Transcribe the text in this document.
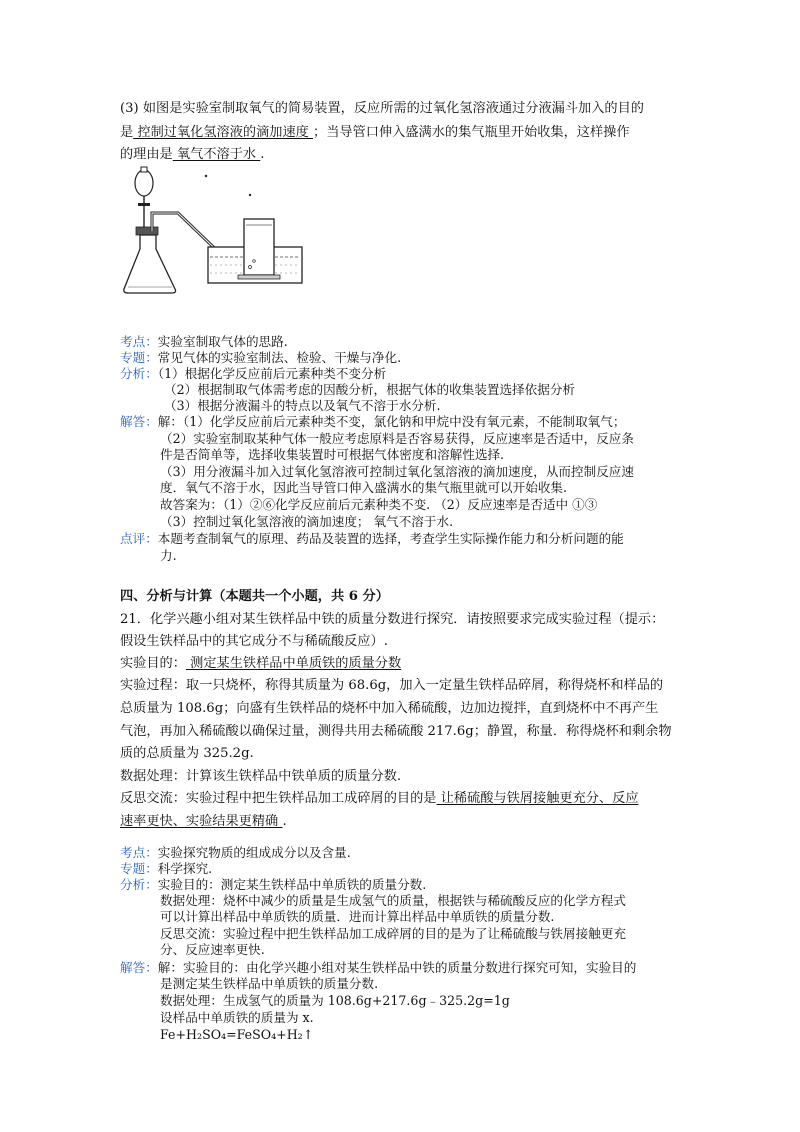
(3) 如图是实验室制取氧气的简易装置，反应所需的过氧化氢溶液通过分液漏斗加入的目的
是 控制过氧化氢溶液的滴加速度 ；当导管口伸入盛满水的集气瓶里开始收集，这样操作
的理由是 氧气不溶于水 .
考点：实验室制取气体的思路.
专题：常见气体的实验室制法、检验、干燥与净化.
分析：（1）根据化学反应前后元素种类不变分析
（2）根据制取气体需考虑的因酸分析，根据气体的收集装置选择依据分析
（3）根据分液漏斗的特点以及氧气不溶于水分析.
解答：解：（1）化学反应前后元素种类不变，氯化钠和甲烷中没有氧元素，不能制取氧气；
（2）实验室制取某种气体一般应考虑原料是否容易获得，反应速率是否适中，反应条
件是否简单等，选择收集装置时可根据气体密度和溶解性选择.
（3）用分液漏斗加入过氧化氢溶液可控制过氧化氢溶液的滴加速度，从而控制反应速
度．氧气不溶于水，因此当导管口伸入盛满水的集气瓶里就可以开始收集.
故答案为：（1）②⑥化学反应前后元素种类不变. （2）反应速率是否适中 ①③
（3）控制过氧化氢溶液的滴加速度； 氧气不溶于水.
点评：本题考查制氧气的原理、药品及装置的选择，考查学生实际操作能力和分析问题的能
力.
四、分析与计算（本题共一个小题，共 6 分）
21．化学兴趣小组对某生铁样品中铁的质量分数进行探究．请按照要求完成实验过程（提示：
假设生铁样品中的其它成分不与稀硫酸反应）.
实验目的： 测定某生铁样品中单质铁的质量分数
实验过程：取一只烧杯，称得其质量为 68.6g，加入一定量生铁样品碎屑，称得烧杯和样品的
总质量为 108.6g；向盛有生铁样品的烧杯中加入稀硫酸，边加边搅拌，直到烧杯中不再产生
气泡，再加入稀硫酸以确保过量，测得共用去稀硫酸 217.6g；静置，称量．称得烧杯和剩余物
质的总质量为 325.2g.
数据处理：计算该生铁样品中铁单质的质量分数.
反思交流：实验过程中把生铁样品加工成碎屑的目的是 让稀硫酸与铁屑接触更充分、反应
速率更快、实验结果更精确 .
考点：实验探究物质的组成成分以及含量.
专题：科学探究.
分析：实验目的：测定某生铁样品中单质铁的质量分数.
数据处理：烧杯中减少的质量是生成氢气的质量，根据铁与稀硫酸反应的化学方程式
可以计算出样品中单质铁的质量．进而计算出样品中单质铁的质量分数.
反思交流：实验过程中把生铁样品加工成碎屑的目的是为了让稀硫酸与铁屑接触更充
分、反应速率更快.
解答：解：实验目的：由化学兴趣小组对某生铁样品中铁的质量分数进行探究可知，实验目的
是测定某生铁样品中单质铁的质量分数.
数据处理：生成氢气的质量为 108.6g+217.6g﹣325.2g=1g
设样品中单质铁的质量为 x.
Fe+H₂SO₄=FeSO₄+H₂↑
